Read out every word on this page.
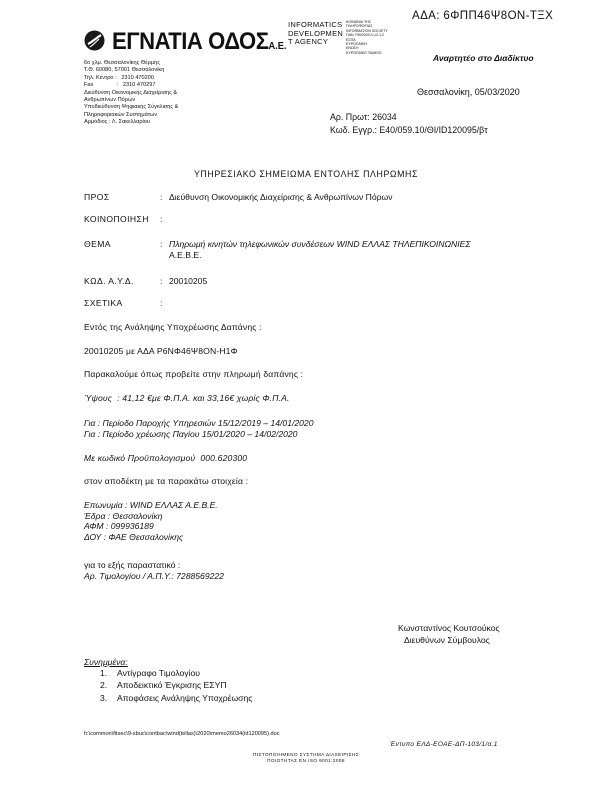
ΑΔΑ: 6ΦΠΠ46Ψ8ΟΝ-ΤΞΧ
ΕΓΝΑΤΙΑ ΟΔΟΣΑ.Ε.
INFORMATICS
DEVELOPMEN
T AGENCY
ΚΟΙΝΩΝΙΑ ΤΗΣ
ΠΛΗΡΟΦΟΡΙΑΣ
INFORMATION SOCIETY
ΠΑΝ 799/2003 Λ-12-1.2
ΕΣΠΑ
ΕΥΡΩΠΑΪΚΗ
ΕΝΩΣΗ
ΕΥΡΩΠΑΪΚΟ ΤΑΜΕΙΟ
Αναρτητέο στο Διαδίκτυο
6ο χλμ. Θεσσαλονίκης Θέρμης
Τ.Θ. 60080, 57001 Θεσσαλονίκη
Τηλ. Κέντρο :   2310 470200
Fax               :   2310 470297
Διεύθυνση Οικονομικής Διαχείρισης &
Ανθρωπίνων Πόρων
Υποδιεύθυνση Ψηφιακής Σύγκλισης &
Πληροφοριακών Συστημάτων
Αρμόδιος : Λ. Σακελλαρίου
Θεσσαλονίκη, 05/03/2020
Αρ. Πρωτ: 26034
Κωδ. Εγγρ.: Ε40/059.10/ΘΙ/ΙD120095/βτ
ΥΠΗΡΕΣΙΑΚΟ ΣΗΜΕΙΩΜΑ ΕΝΤΟΛΗΣ ΠΛΗΡΩΜΗΣ
ΠΡΟΣ	: Διεύθυνση Οικονομικής Διαχείρισης & Ανθρωπίνων Πόρων
ΚΟΙΝΟΠΟΙΗΣΗ :
ΘΕΜΑ	: Πληρωμή κινητών τηλεφωνικών συνδέσεων WIND ΕΛΛΑΣ ΤΗΛΕΠΙΚΟΙΝΩΝΙΕΣ
Α.Ε.Β.Ε.
ΚΩΔ. Α.Υ.Δ.	: 20010205
ΣΧΕΤΙΚΑ	:
Εντός της Ανάληψης Υποχρέωσης Δαπάνης :
20010205 με ΑΔΑ Ρ6ΝΦ46Ψ8ΟΝ-Η1Φ
Παρακαλούμε όπως προβείτε στην πληρωμή δαπάνης :
Ύψους  : 41,12 €με Φ.Π.Α. και 33,16€ χωρίς Φ.Π.Α.
Για : Περίοδο Παροχής Υπηρεσιών 15/12/2019 – 14/01/2020
Για : Περίοδο χρέωσης Παγίου 15/01/2020 – 14/02/2020
Με κωδικό Προϋπολογισμού  000.620300
στον αποδέκτη με τα παρακάτω στοιχεία :
Επωνυμία : WIND ΕΛΛΑΣ Α.Ε.Β.Ε.
Έδρα : Θεσσαλονίκη
ΑΦΜ : 099936189
ΔΟΥ : ΦΑΕ Θεσσαλονίκης
για το εξής παραστατικό :
Αρ. Τιμολογίου / Α.Π.Υ.: 7288569222
Κωνσταντίνος Κουτσούκος
Διευθύνων Σύμβουλος
Συνημμένα:
1. Αντίγραφο Τιμολογίου
2. Αποδεικτικό Έγκρισης ΕΣΥΠ
3. Αποφάσεις Ανάληψης Υποχρέωσης
h:\common\fitsec\9-sbuc\contbac\wind(tellas)\2020\memo26034(id120095).doc
Έντυπο ΕΛΔ-ΕΟΑΕ-ΔΠ-103/1/α.1
ΠΙΣΤΟΠΟΙΗΜΕΝΟ ΣΥΣΤΗΜΑ ΔΙΑΧΕΙΡΙΣΗΣ
ΠΟΙΟΤΗΤΑΣ ΕΝ ISO 9001:2008
